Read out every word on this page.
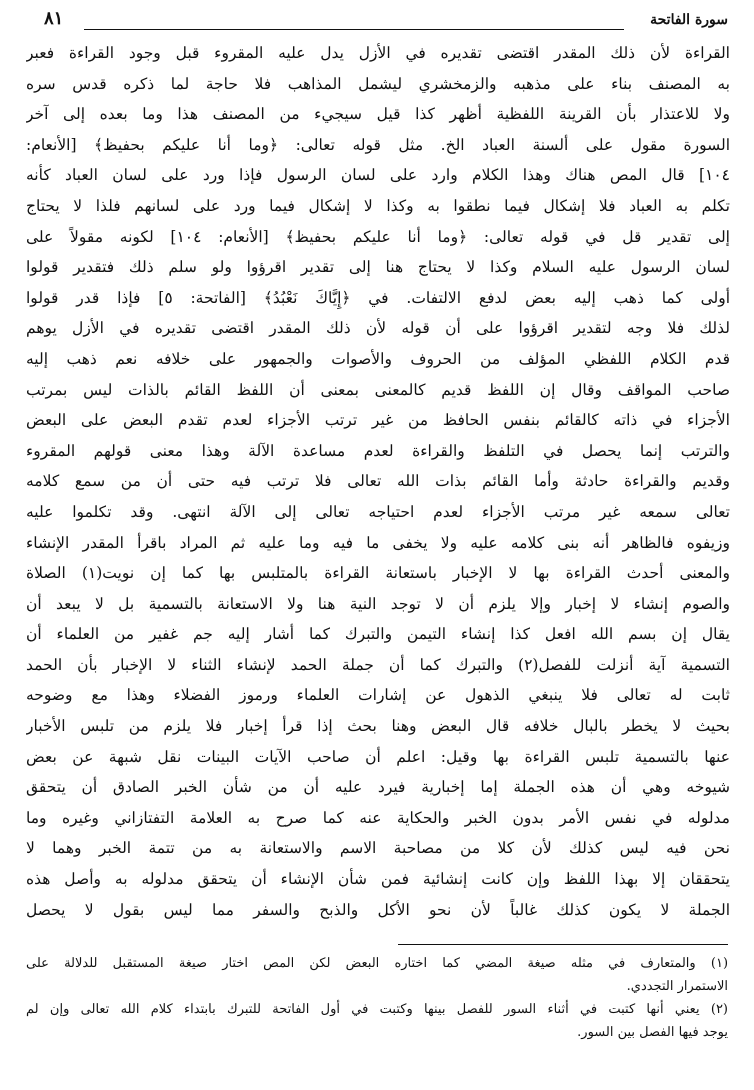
سورة الفاتحة
٨١
القراءة لأن ذلك المقدر اقتضى تقديره في الأزل يدل عليه المقروء قبل وجود القراءة فعبر
به المصنف بناء على مذهبه والزمخشري ليشمل المذاهب فلا حاجة لما ذكره قدس سره
ولا للاعتذار بأن القرينة اللفظية أظهر كذا قيل سيجيء من المصنف هذا وما بعده إلى آخر
السورة مقول على ألسنة العباد الخ. مثل قوله تعالى: ﴿وما أنا عليكم بحفيظ﴾ [الأنعام:
١٠٤] قال المص هناك وهذا الكلام وارد على لسان الرسول فإذا ورد على لسان العباد كأنه
تكلم به العباد فلا إشكال فيما نطقوا به وكذا لا إشكال فيما ورد على لسانهم فلذا لا يحتاج
إلى تقدير قل في قوله تعالى: ﴿وما أنا عليكم بحفيظ﴾ [الأنعام: ١٠٤] لكونه مقولاً على
لسان الرسول عليه السلام وكذا لا يحتاج هنا إلى تقدير اقرؤوا ولو سلم ذلك فتقدير قولوا
أولى كما ذهب إليه بعض لدفع الالتفات. في ﴿إِيَّاكَ نَعْبُدُ﴾ [الفاتحة: ٥] فإذا قدر قولوا
لذلك فلا وجه لتقدير اقرؤوا على أن قوله لأن ذلك المقدر اقتضى تقديره في الأزل يوهم
قدم الكلام اللفظي المؤلف من الحروف والأصوات والجمهور على خلافه نعم ذهب إليه
صاحب المواقف وقال إن اللفظ قديم كالمعنى بمعنى أن اللفظ القائم بالذات ليس بمرتب
الأجزاء في ذاته كالقائم بنفس الحافظ من غير ترتب الأجزاء لعدم تقدم البعض على البعض
والترتب إنما يحصل في التلفظ والقراءة لعدم مساعدة الآلة وهذا معنى قولهم المقروء
وقديم والقراءة حادثة وأما القائم بذات الله تعالى فلا ترتب فيه حتى أن من سمع كلامه
تعالى سمعه غير مرتب الأجزاء لعدم احتياجه تعالى إلى الآلة انتهى. وقد تكلموا عليه
وزيفوه فالظاهر أنه بنى كلامه عليه ولا يخفى ما فيه وما عليه ثم المراد باقرأ المقدر الإنشاء
والمعنى أحدث القراءة بها لا الإخبار باستعانة القراءة بالمتلبس بها كما إن نويت(١) الصلاة
والصوم إنشاء لا إخبار وإلا يلزم أن لا توجد النية هنا ولا الاستعانة بالتسمية بل لا يبعد أن
يقال إن بسم الله افعل كذا إنشاء التيمن والتبرك كما أشار إليه جم غفير من العلماء أن
التسمية آية أنزلت للفصل(٢) والتبرك كما أن جملة الحمد لإنشاء الثناء لا الإخبار بأن الحمد
ثابت له تعالى فلا ينبغي الذهول عن إشارات العلماء ورموز الفضلاء وهذا مع وضوحه
بحيث لا يخطر بالبال خلافه قال البعض وهنا بحث إذا قرأ إخبار فلا يلزم من تلبس الأخبار
عنها بالتسمية تلبس القراءة بها وقيل: اعلم أن صاحب الآيات البينات نقل شبهة عن بعض
شيوخه وهي أن هذه الجملة إما إخبارية فيرد عليه أن من شأن الخبر الصادق أن يتحقق
مدلوله في نفس الأمر بدون الخبر والحكاية عنه كما صرح به العلامة التفتازاني وغيره وما
نحن فيه ليس كذلك لأن كلا من مصاحبة الاسم والاستعانة به من تتمة الخبر وهما لا
يتحققان إلا بهذا اللفظ وإن كانت إنشائية فمن شأن الإنشاء أن يتحقق مدلوله به وأصل هذه
الجملة لا يكون كذلك غالباً لأن نحو الأكل والذبح والسفر مما ليس بقول لا يحصل
(١) والمتعارف في مثله صيغة المضي كما اختاره البعض لكن المص اختار صيغة المستقبل للدلالة على
الاستمرار التجددي.
(٢) يعني أنها كتبت في أثناء السور للفصل بينها وكتبت في أول الفاتحة للتبرك بابتداء كلام الله تعالى وإن لم
يوجد فيها الفصل بين السور.
